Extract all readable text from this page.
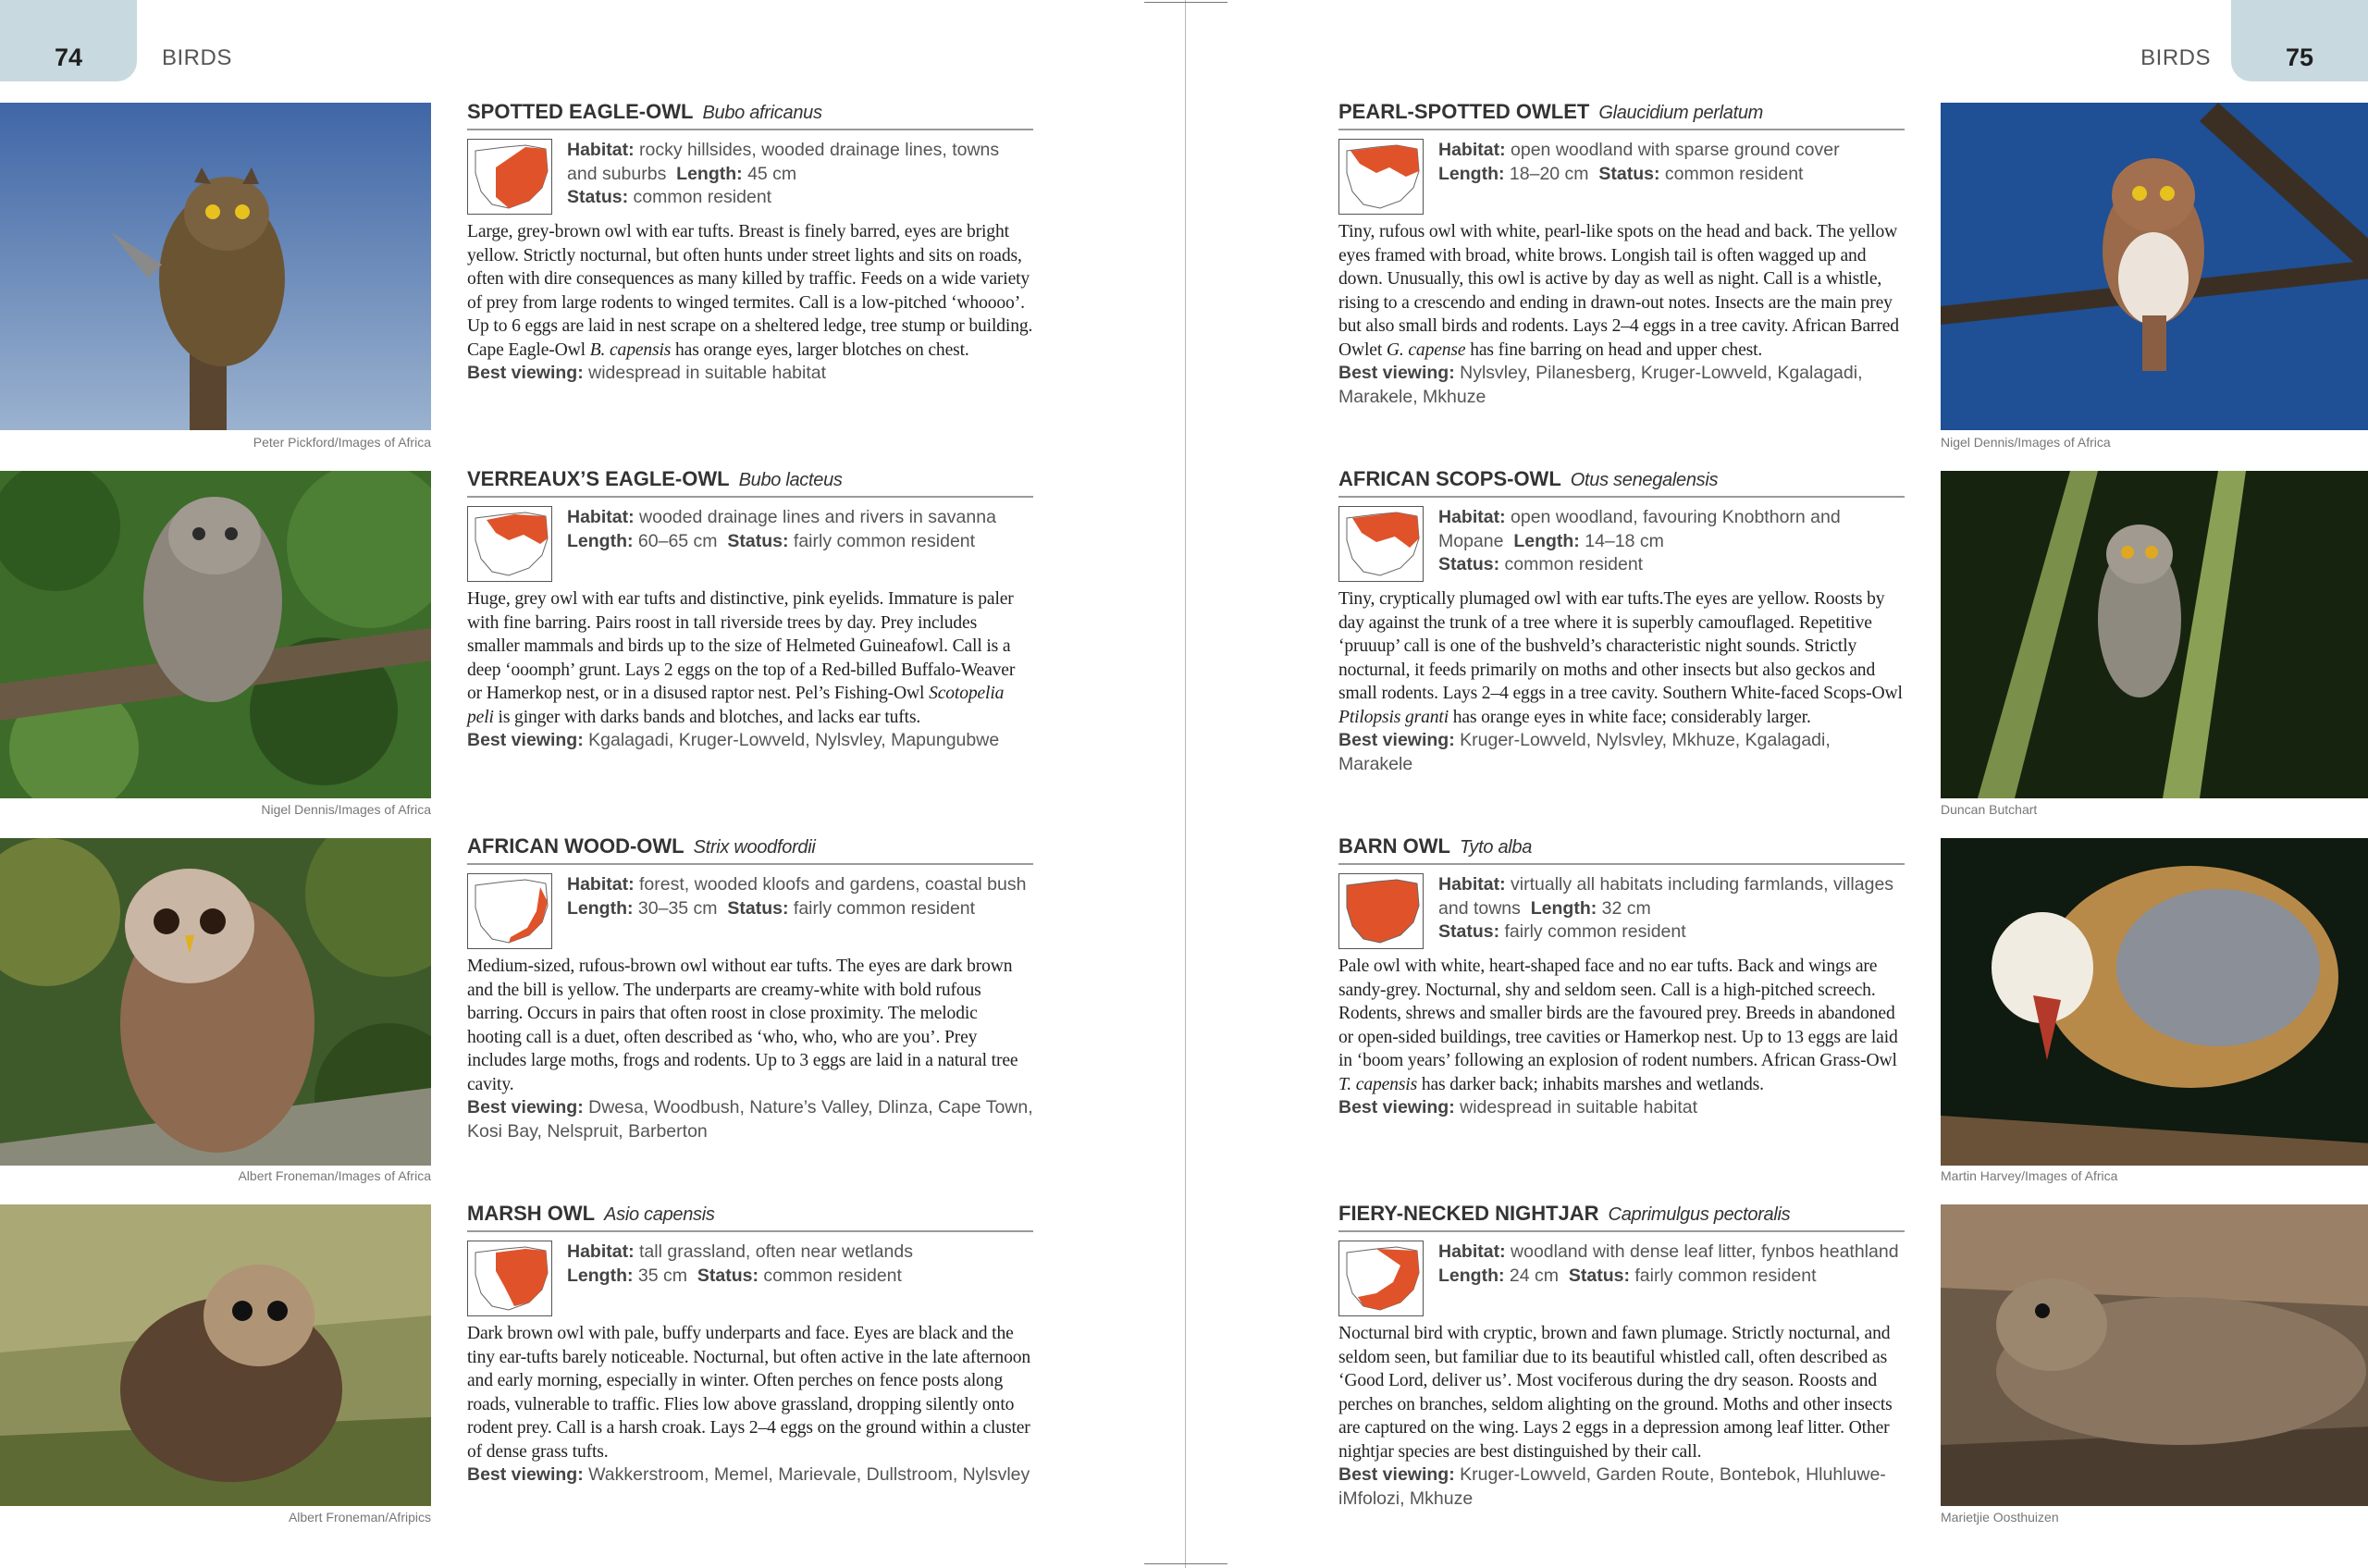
74	BIRDS	BIRDS	75
Peter Pickford/Images of Africa
Nigel Dennis/Images of Africa
Albert Froneman/Images of Africa
Albert Froneman/Afripics
Nigel Dennis/Images of Africa
Duncan Butchart
Martin Harvey/Images of Africa
Marietjie Oosthuizen
SPOTTED EAGLE-OWL Bubo africanus
Habitat: rocky hillsides, wooded drainage lines, towns and suburbs Length: 45 cm
Status: common resident
Large, grey-brown owl with ear tufts. Breast is finely barred, eyes are bright yellow. Strictly nocturnal, but often hunts under street lights and sits on roads, often with dire consequences as many killed by traffic. Feeds on a wide variety of prey from large rodents to winged termites. Call is a low-pitched ‘whoooo’. Up to 6 eggs are laid in nest scrape on a sheltered ledge, tree stump or building. Cape Eagle-Owl B. capensis has orange eyes, larger blotches on chest.
Best viewing: widespread in suitable habitat
VERREAUX’S EAGLE-OWL Bubo lacteus
Habitat: wooded drainage lines and rivers in savanna
Length: 60–65 cm Status: fairly common resident
Huge, grey owl with ear tufts and distinctive, pink eyelids. Immature is paler with fine barring. Pairs roost in tall riverside trees by day. Prey includes smaller mammals and birds up to the size of Helmeted Guineafowl. Call is a deep ‘ooomph’ grunt. Lays 2 eggs on the top of a Red-billed Buffalo-Weaver or Hamerkop nest, or in a disused raptor nest. Pel’s Fishing-Owl Scotopelia peli is ginger with darks bands and blotches, and lacks ear tufts.
Best viewing: Kgalagadi, Kruger-Lowveld, Nylsvley, Mapungubwe
AFRICAN WOOD-OWL Strix woodfordii
Habitat: forest, wooded kloofs and gardens, coastal bush  Length: 30–35 cm Status: fairly common resident
Medium-sized, rufous-brown owl without ear tufts. The eyes are dark brown and the bill is yellow. The underparts are creamy-white with bold rufous barring. Occurs in pairs that often roost in close proximity. The melodic hooting call is a duet, often described as ‘who, who, who are you’. Prey includes large moths, frogs and rodents. Up to 3 eggs are laid in a natural tree cavity.
Best viewing: Dwesa, Woodbush, Nature’s Valley, Dlinza, Cape Town, Kosi Bay, Nelspruit, Barberton
MARSH OWL Asio capensis
Habitat: tall grassland, often near wetlands
Length: 35 cm Status: common resident
Dark brown owl with pale, buffy underparts and face. Eyes are black and the tiny ear-tufts barely noticeable. Nocturnal, but often active in the late afternoon and early morning, especially in winter. Often perches on fence posts along roads, vulnerable to traffic. Flies low above grassland, dropping silently onto rodent prey. Call is a harsh croak. Lays 2–4 eggs on the ground within a cluster of dense grass tufts.
Best viewing: Wakkerstroom, Memel, Marievale, Dullstroom, Nylsvley
PEARL-SPOTTED OWLET Glaucidium perlatum
Habitat: open woodland with sparse ground cover
Length: 18–20 cm Status: common resident
Tiny, rufous owl with white, pearl-like spots on the head and back. The yellow eyes framed with broad, white brows. Longish tail is often wagged up and down. Unusually, this owl is active by day as well as night. Call is a whistle, rising to a crescendo and ending in drawn-out notes. Insects are the main prey but also small birds and rodents. Lays 2–4 eggs in a tree cavity. African Barred Owlet G. capense has fine barring on head and upper chest.
Best viewing: Nylsvley, Pilanesberg, Kruger-Lowveld, Kgalagadi, Marakele, Mkhuze
AFRICAN SCOPS-OWL Otus senegalensis
Habitat: open woodland, favouring Knobthorn and Mopane Length: 14–18 cm
Status: common resident
Tiny, cryptically plumaged owl with ear tufts.The eyes are yellow. Roosts by day against the trunk of a tree where it is superbly camouflaged. Repetitive ‘pruuup’ call is one of the bushveld’s characteristic night sounds. Strictly nocturnal, it feeds primarily on moths and other insects but also geckos and small rodents. Lays 2–4 eggs in a tree cavity. Southern White-faced Scops-Owl Ptilopsis granti has orange eyes in white face; considerably larger.
Best viewing: Kruger-Lowveld, Nylsvley, Mkhuze, Kgalagadi, Marakele
BARN OWL Tyto alba
Habitat: virtually all habitats including farmlands, villages and towns Length: 32 cm
Status: fairly common resident
Pale owl with white, heart-shaped face and no ear tufts. Back and wings are sandy-grey. Nocturnal, shy and seldom seen. Call is a high-pitched screech. Rodents, shrews and smaller birds are the favoured prey. Breeds in abandoned or open-sided buildings, tree cavities or Hamerkop nest. Up to 13 eggs are laid in ‘boom years’ following an explosion of rodent numbers. African Grass-Owl T. capensis has darker back; inhabits marshes and wetlands.
Best viewing: widespread in suitable habitat
FIERY-NECKED NIGHTJAR Caprimulgus pectoralis
Habitat: woodland with dense leaf litter, fynbos heathland  Length: 24 cm Status: fairly common resident
Nocturnal bird with cryptic, brown and fawn plumage. Strictly nocturnal, and seldom seen, but familiar due to its beautiful whistled call, often described as ‘Good Lord, deliver us’. Most vociferous during the dry season. Roosts and perches on branches, seldom alighting on the ground. Moths and other insects are captured on the wing. Lays 2 eggs in a depression among leaf litter. Other nightjar species are best distinguished by their call.
Best viewing: Kruger-Lowveld, Garden Route, Bontebok, Hluhluwe-iMfolozi, Mkhuze
